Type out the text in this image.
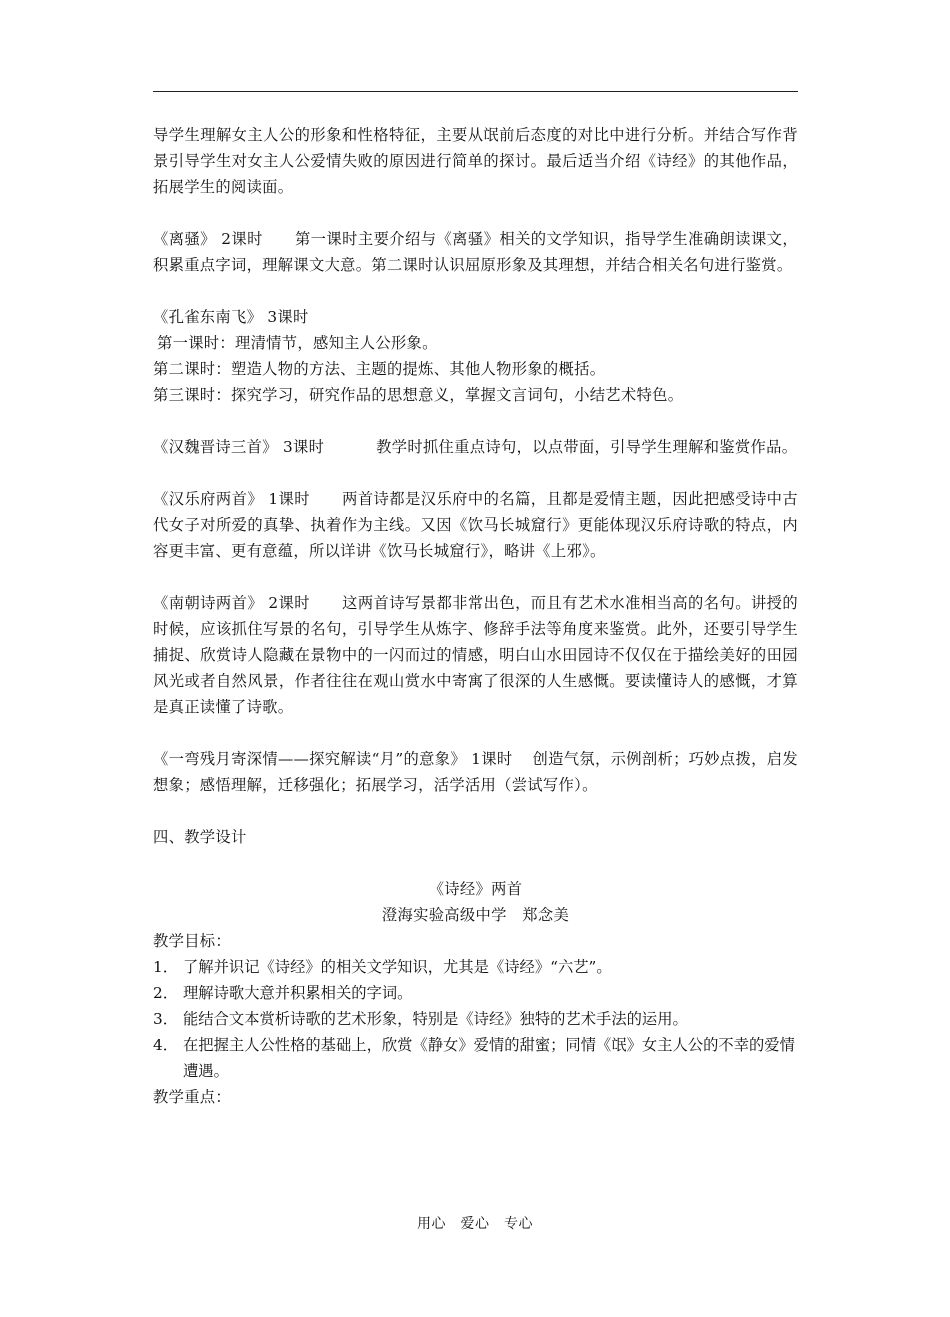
导学生理解女主人公的形象和性格特征，主要从氓前后态度的对比中进行分析。并结合写作背景引导学生对女主人公爱情失败的原因进行简单的探讨。最后适当介绍《诗经》的其他作品，拓展学生的阅读面。

《离骚》 2课时 第一课时主要介绍与《离骚》相关的文学知识，指导学生准确朗读课文，积累重点字词，理解课文大意。第二课时认识屈原形象及其理想，并结合相关名句进行鉴赏。

《孔雀东南飞》 3课时

第一课时：理清情节，感知主人公形象。

第二课时：塑造人物的方法、主题的提炼、其他人物形象的概括。

第三课时：探究学习，研究作品的思想意义，掌握文言词句，小结艺术特色。

《汉魏晋诗三首》 3课时	教学时抓住重点诗句，以点带面，引导学生理解和鉴赏作品。

《汉乐府两首》 1课时 两首诗都是汉乐府中的名篇，且都是爱情主题，因此把感受诗中古代女子对所爱的真挚、执着作为主线。又因《饮马长城窟行》更能体现汉乐府诗歌的特点，内容更丰富、更有意蕴，所以详讲《饮马长城窟行》，略讲《上邪》。

《南朝诗两首》 2课时 这两首诗写景都非常出色，而且有艺术水准相当高的名句。讲授的时候，应该抓住写景的名句，引导学生从炼字、修辞手法等角度来鉴赏。此外，还要引导学生捕捉、欣赏诗人隐藏在景物中的一闪而过的情感，明白山水田园诗不仅仅在于描绘美好的田园风光或者自然风景，作者往往在观山赏水中寄寓了很深的人生感慨。要读懂诗人的感慨，才算是真正读懂了诗歌。

《一弯残月寄深情——探究解读“月”的意象》 1课时 创造气氛，示例剖析；巧妙点拨，启发想象；感悟理解，迁移强化；拓展学习，活学活用（尝试写作）。

四、教学设计

《诗经》两首

澄海实验高级中学　郑念美

教学目标：

1． 了解并识记《诗经》的相关文学知识，尤其是《诗经》“六艺”。
2． 理解诗歌大意并积累相关的字词。
3． 能结合文本赏析诗歌的艺术形象，特别是《诗经》独特的艺术手法的运用。
4． 在把握主人公性格的基础上，欣赏《静女》爱情的甜蜜；同情《氓》女主人公的不幸的爱情遭遇。

教学重点：

用心　爱心　专心
